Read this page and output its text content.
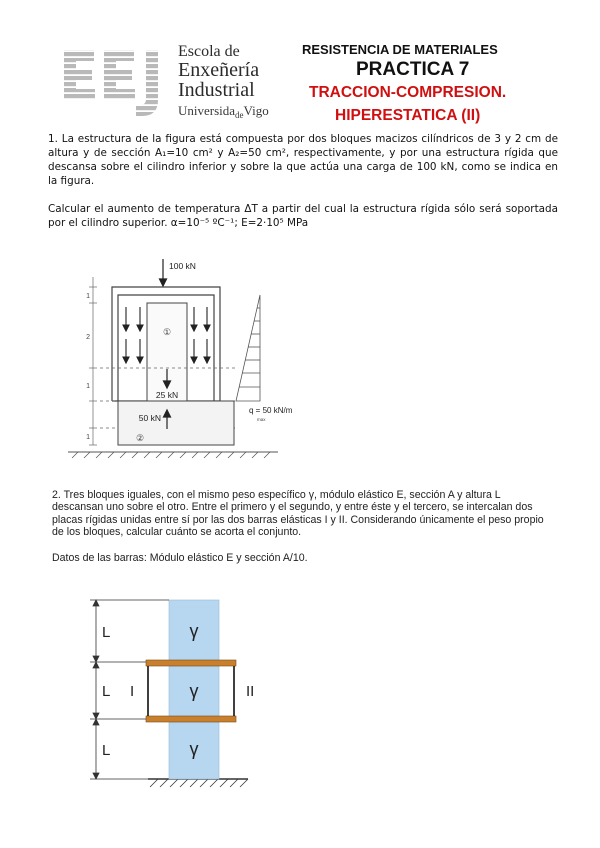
eej
Escola de
Enxeñería
Industrial
Universida$_{de}$Vigo
RESISTENCIA DE MATERIALES
PRACTICA 7
TRACCION-COMPRESION.
HIPERESTATICA (II)
1. La estructura de la figura está compuesta por dos bloques macizos cilíndricos de 3 y 2 cm de altura y de sección A₁=10 cm² y A₂=50 cm², respectivamente, y por una estructura rígida que descansa sobre el cilindro inferior y sobre la que actúa una carga de 100 kN, como se indica en la figura.
Calcular el aumento de temperatura ΔT a partir del cual la estructura rígida sólo será soportada por el cilindro superior. α=10⁻⁵ ºC⁻¹; E=2·10⁵ MPa
1
2
1
1
①
②
100 kN
25 kN
50 kN
q = 50 kN/m
max
2. Tres bloques iguales, con el mismo peso específico γ, módulo elástico E, sección A y altura L descansan uno sobre el otro. Entre el primero y el segundo, y entre éste y el tercero, se intercalan dos placas rígidas unidas entre sí por las dos barras elásticas I y II. Considerando únicamente el peso propio de los bloques, calcular cuánto se acorta el conjunto.
Datos de las barras: Módulo elástico E y sección A/10.
I	II
γ
γ
γ
L
L
L
